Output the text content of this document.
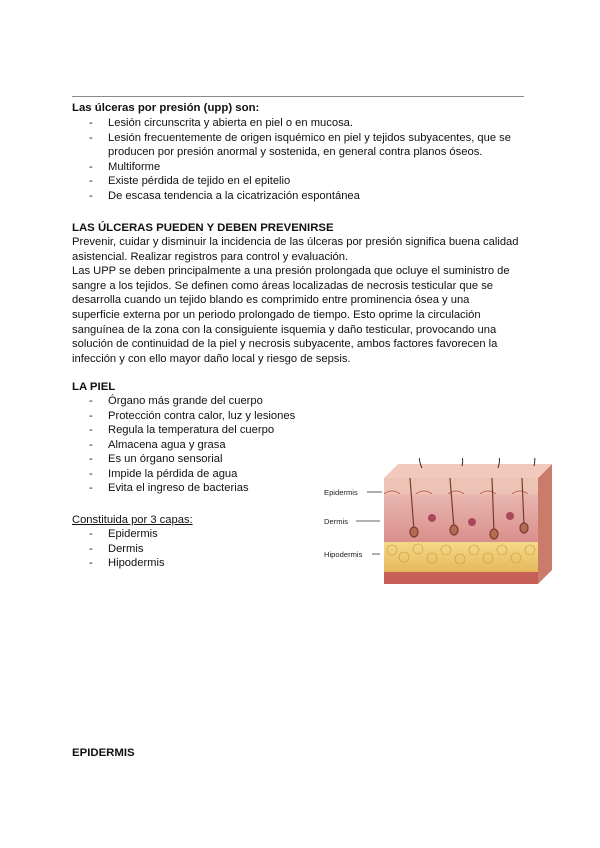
Las úlceras por presión (upp) son:
- Lesión circunscrita y abierta en piel o en mucosa.
- Lesión frecuentemente de origen isquémico en piel y tejidos subyacentes, que se producen por presión anormal y sostenida, en general contra planos óseos.
- Multiforme
- Existe pérdida de tejido en el epitelio
- De escasa tendencia a la cicatrización espontánea
LAS ÚLCERAS PUEDEN Y DEBEN PREVENIRSE
Prevenir, cuidar y disminuir la incidencia de las úlceras por presión significa buena calidad asistencial. Realizar registros para control y evaluación.
Las UPP se deben principalmente a una presión prolongada que ocluye el suministro de sangre a los tejidos. Se definen como áreas localizadas de necrosis testicular que se desarrolla cuando un tejido blando es comprimido entre prominencia ósea y una superficie externa por un periodo prolongado de tiempo. Esto oprime la circulación sanguínea de la zona con la consiguiente isquemia y daño testicular, provocando una solución de continuidad de la piel y necrosis subyacente, ambos factores favorecen la infección y con ello mayor daño local y riesgo de sepsis.
LA PIEL
- Órgano más grande del cuerpo
- Protección contra calor, luz y lesiones
- Regula la temperatura del cuerpo
- Almacena agua y grasa
- Es un órgano sensorial
- Impide la pérdida de agua
- Evita el ingreso de bacterias
Constituida por 3 capas:
- Epidermis
- Dermis
- Hipodermis
Epidermis
Dermis
Hipodermis
EPIDERMIS
